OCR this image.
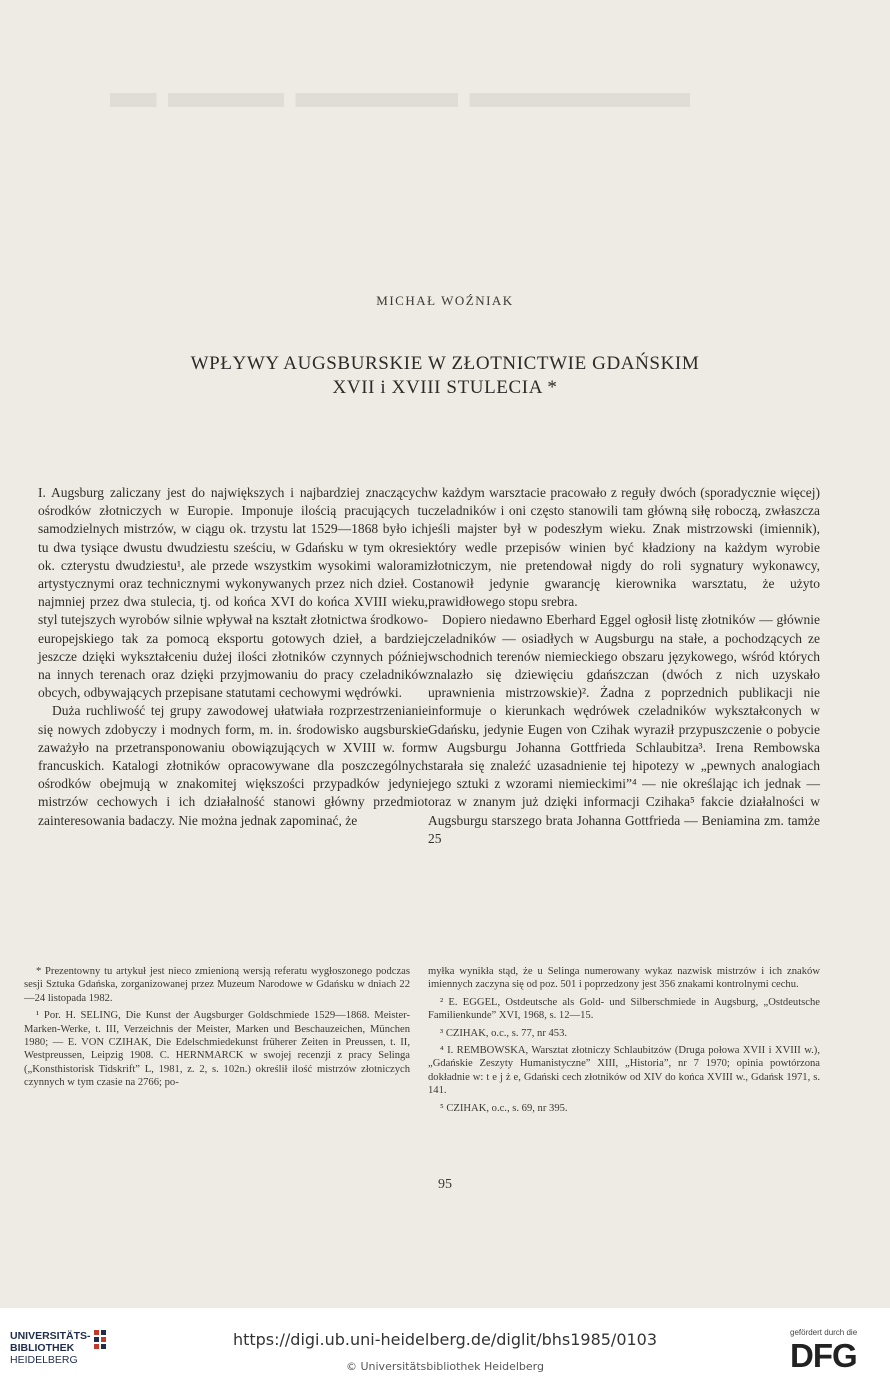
MICHAŁ WOŹNIAK
WPŁYWY AUGSBURSKIE W ZŁOTNICTWIE GDAŃSKIM
XVII i XVIII STULECIA *

I. Augsburg zaliczany jest do największych i najbardziej znaczących ośrodków złotniczych w Europie. Imponuje ilością pracujących tu samodzielnych mistrzów, w ciągu ok. trzystu lat 1529—1868 było ich tu dwa tysiące dwustu dwudziestu sześciu, w Gdańsku w tym okresie ok. czterystu dwudziestu¹, ale przede wszystkim wysokimi walorami artystycznymi oraz technicznymi wykonywanych przez nich dzieł. Co najmniej przez dwa stulecia, tj. od końca XVI do końca XVIII wieku, styl tutejszych wyrobów silnie wpływał na kształt złotnictwa środkowo-europejskiego tak za pomocą eksportu gotowych dzieł, a bardziej jeszcze dzięki wykształceniu dużej ilości złotników czynnych później na innych terenach oraz dzięki przyjmowaniu do pracy czeladników obcych, odbywających przepisane statutami cechowymi wędrówki.

Duża ruchliwość tej grupy zawodowej ułatwiała rozprzestrzenianie się nowych zdobyczy i modnych form, m. in. środowisko augsburskie zaważyło na przetransponowaniu obowiązujących w XVIII w. form francuskich. Katalogi złotników opracowywane dla poszczególnych ośrodków obejmują w znakomitej większości przypadków jedynie mistrzów cechowych i ich działalność stanowi główny przedmiot zainteresowania badaczy. Nie można jednak zapominać, że

w każdym warsztacie pracowało z reguły dwóch (sporadycznie więcej) czeladników i oni często stanowili tam główną siłę roboczą, zwłaszcza jeśli majster był w podeszłym wieku. Znak mistrzowski (imiennik), który wedle przepisów winien być kładziony na każdym wyrobie złotniczym, nie pretendował nigdy do roli sygnatury wykonawcy, stanowił jedynie gwarancję kierownika warsztatu, że użyto prawidłowego stopu srebra.

Dopiero niedawno Eberhard Eggel ogłosił listę złotników — głównie czeladników — osiadłych w Augsburgu na stałe, a pochodzących ze wschodnich terenów niemieckiego obszaru językowego, wśród których znalazło się dziewięciu gdańszczan (dwóch z nich uzyskało uprawnienia mistrzowskie)². Żadna z poprzednich publikacji nie informuje o kierunkach wędrówek czeladników wykształconych w Gdańsku, jedynie Eugen von Czihak wyraził przypuszczenie o pobycie w Augsburgu Johanna Gottfrieda Schlaubitza³. Irena Rembowska starała się znaleźć uzasadnienie tej hipotezy w „pewnych analogiach jego sztuki z wzorami niemieckimi”⁴ — nie określając ich jednak — oraz w znanym już dzięki informacji Czihaka⁵ fakcie działalności w Augsburgu starszego brata Johanna Gottfrieda — Beniamina zm. tamże 25

* Prezentowny tu artykuł jest nieco zmienioną wersją referatu wygłoszonego podczas sesji Sztuka Gdańska, zorganizowanej przez Muzeum Narodowe w Gdańsku w dniach 22—24 listopada 1982.

¹ Por. H. SELING, Die Kunst der Augsburger Goldschmiede 1529—1868. Meister-Marken-Werke, t. III, Verzeichnis der Meister, Marken und Beschauzeichen, München 1980; — E. VON CZIHAK, Die Edelschmiedekunst früherer Zeiten in Preussen, t. II, Westpreussen, Leipzig 1908. C. HERNMARCK w swojej recenzji z pracy Selinga („Konsthistorisk Tidskrift” L, 1981, z. 2, s. 102n.) określił ilość mistrzów złotniczych czynnych w tym czasie na 2766; po-

myłka wynikła stąd, że u Selinga numerowany wykaz nazwisk mistrzów i ich znaków imiennych zaczyna się od poz. 501 i poprzedzony jest 356 znakami kontrolnymi cechu.

² E. EGGEL, Ostdeutsche als Gold- und Silberschmiede in Augsburg, „Ostdeutsche Familienkunde” XVI, 1968, s. 12—15.

³ CZIHAK, o.c., s. 77, nr 453.

⁴ I. REMBOWSKA, Warsztat złotniczy Schlaubitzów (Druga połowa XVII i XVIII w.), „Gdańskie Zeszyty Humanistyczne” XIII, „Historia”, nr 7 1970; opinia powtórzona dokładnie w: t e j ż e, Gdański cech złotników od XIV do końca XVIII w., Gdańsk 1971, s. 141.

⁵ CZIHAK, o.c., s. 69, nr 395.

95
UNIVERSITÄTS-
BIBLIOTHEK
HEIDELBERG
https://digi.ub.uni-heidelberg.de/diglit/bhs1985/0103
© Universitätsbibliothek Heidelberg
gefördert durch die
DFG
